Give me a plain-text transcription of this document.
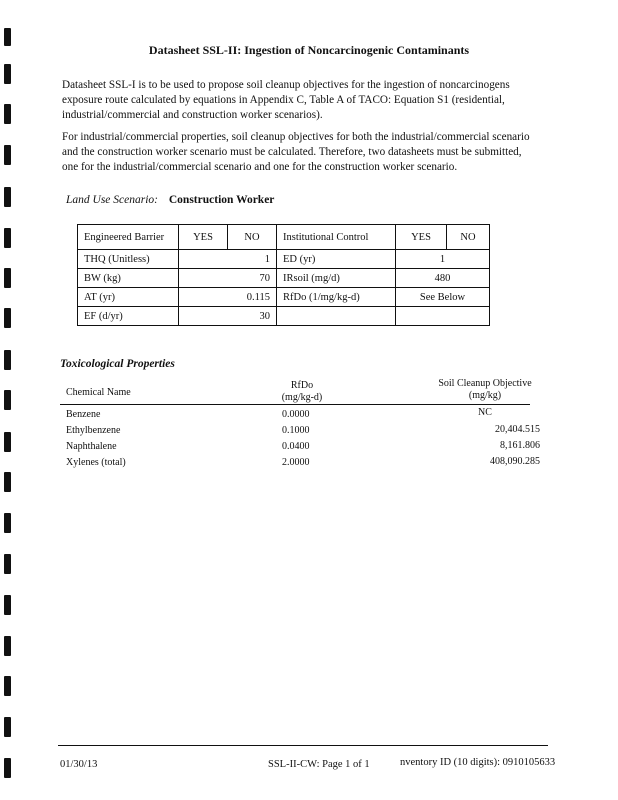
Datasheet SSL-II: Ingestion of Noncarcinogenic Contaminants
Datasheet SSL-I is to be used to propose soil cleanup objectives for the ingestion of noncarcinogens exposure route calculated by equations in Appendix C, Table A of TACO: Equation S1 (residential, industrial/commercial and construction worker scenarios).
For industrial/commercial properties, soil cleanup objectives for both the industrial/commercial scenario and the construction worker scenario must be calculated. Therefore, two datasheets must be submitted, one for the industrial/commercial scenario and one for the construction worker scenario.
Land Use Scenario: Construction Worker
Engineered Barrier	YES	NO	Institutional Control	YES	NO
THQ (Unitless)	1		ED (yr)	1	
BW (kg)	70		IRsoil (mg/d)	480	
AT (yr)	0.115		RfDo (1/mg/kg-d)	See Below	
EF (d/yr)	30				
Toxicological Properties
Chemical Name
RfDo
(mg/kg-d)
Soil Cleanup Objective
(mg/kg)
Benzene	0.0000	NC
Ethylbenzene	0.1000	20,404.515
Naphthalene	0.0400	8,161.806
Xylenes (total)	2.0000	408,090.285
01/30/13	SSL-II-CW: Page 1 of 1	nventory ID (10 digits): 0910105633
